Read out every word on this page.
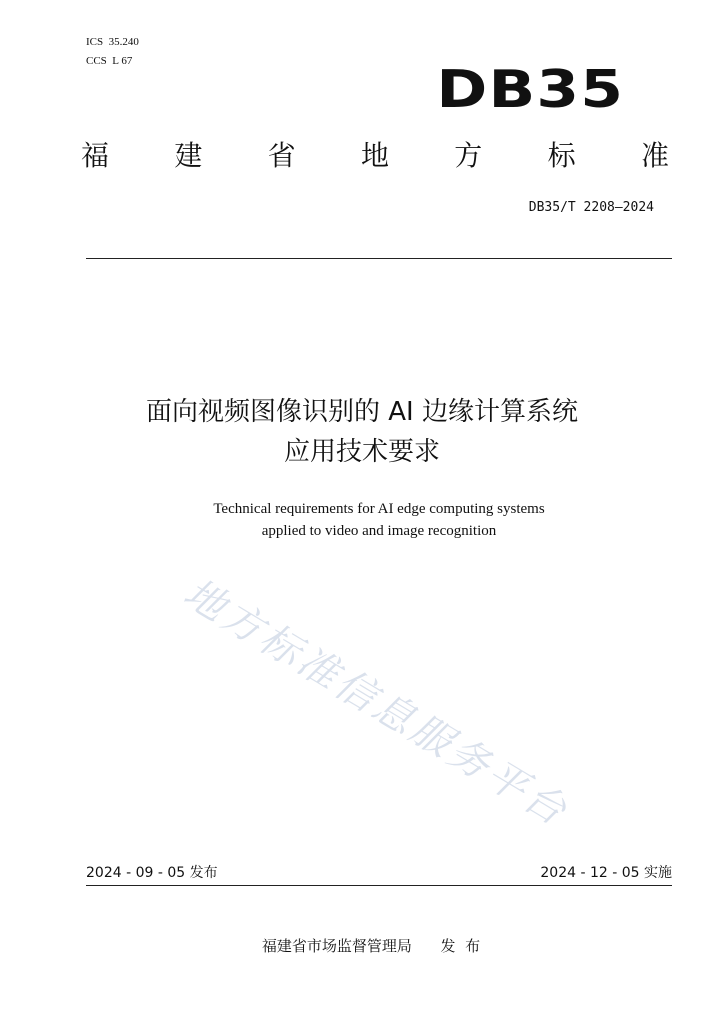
ICS  35.240
CCS  L 67	DB35
福 建 省 地 方 标 准
DB35/T 2208—2024
面向视频图像识别的 AI 边缘计算系统
应用技术要求
Technical requirements for AI edge computing systems
applied to video and image recognition
地方标准信息服务平台
2024 - 09 - 05 发布	2024 - 12 - 05 实施
福建省市场监督管理局      发  布
